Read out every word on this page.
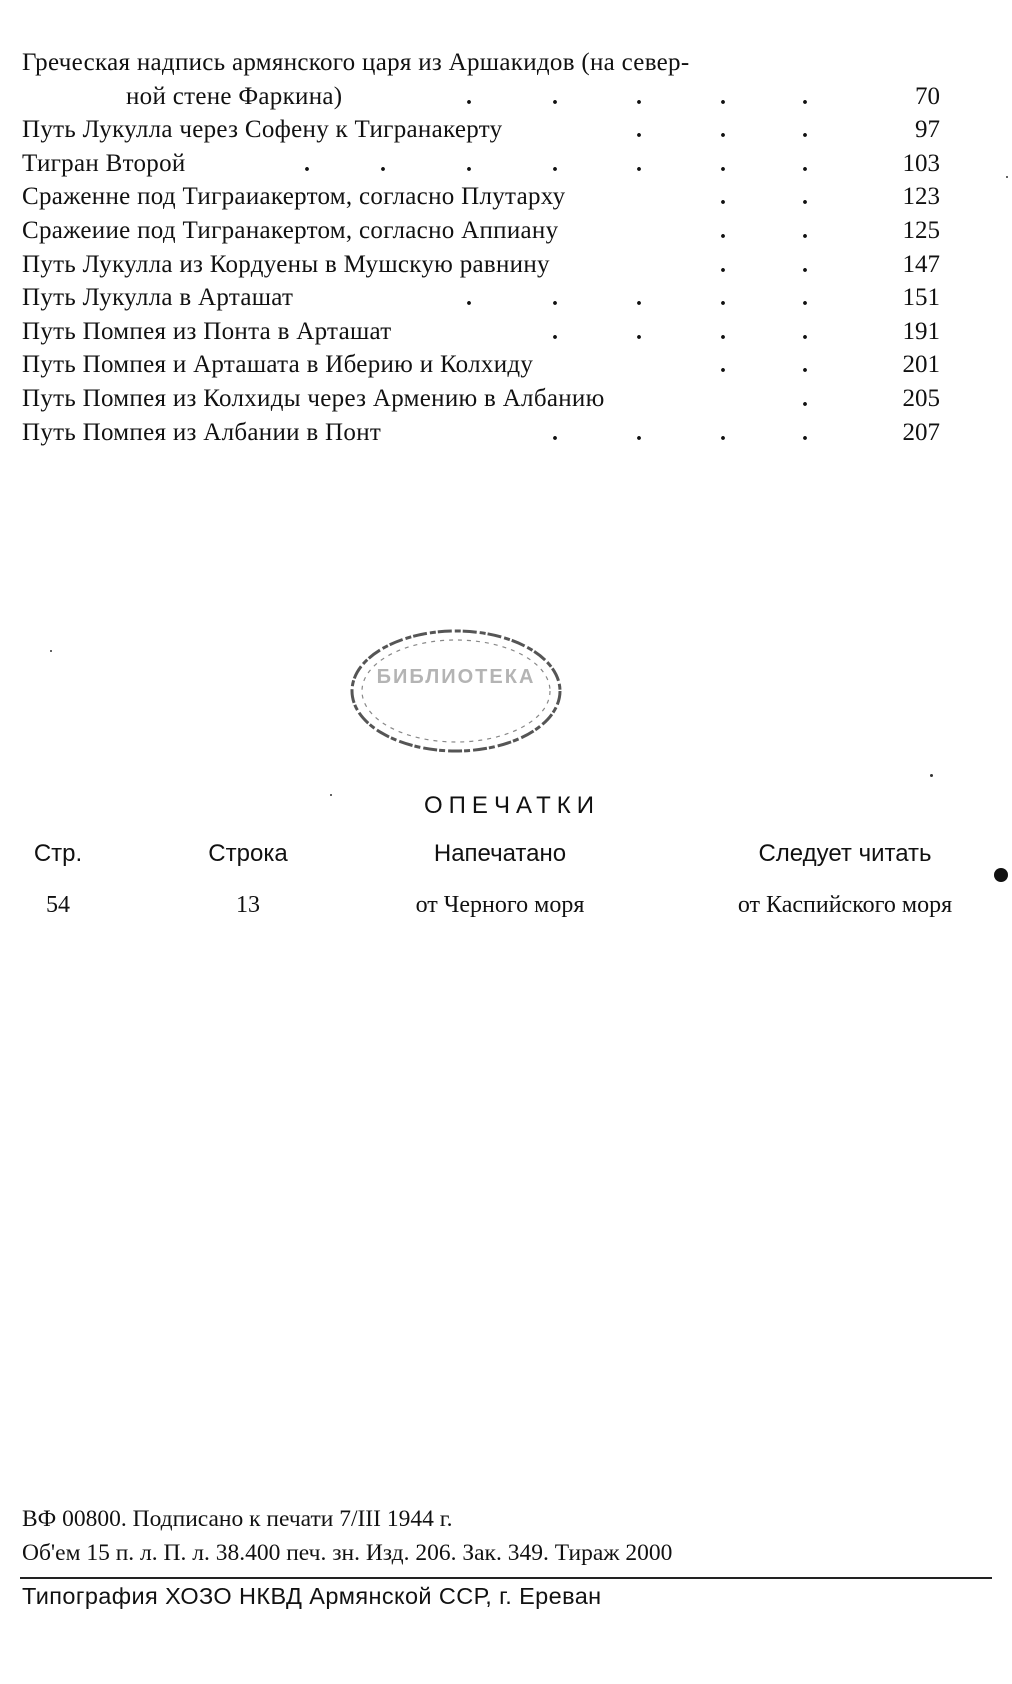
Греческая надпись армянского царя из Аршакидов (на север-
ной стене Фаркина)	70
Путь Лукулла через Софену к Тигранакерту	97
Тигран Второй	103
Сраженне под Тиграиакертом, согласно Плутарху	123
Сражеиие под Тигранакертом, согласно Аппиану	125
Путь Лукулла из Кордуены в Мушскую равнину	147
Путь Лукулла в Арташат	151
Путь Помпея из Понта в Арташат	191
Путь Помпея и Арташата в Иберию и Колхиду	201
Путь Помпея из Колхиды через Армению в Албанию	205
Путь Помпея из Албании в Понт	207
.	.	.	.	.
.	.	.
.	.	.	.	.	.	.
.	.
.	.
.	.
.	.	.	.	.
.	.	.	.
.	.
.
.	.	.	.
БИБЛИОТЕКА
ОПЕЧАТКИ
Стр.	Строка	Напечатано	Следует читать
54	13	от Черного моря	от Каспийского моря
ВФ 00800. Подписано к печати 7/III 1944 г.
Об'ем 15 п. л. П. л. 38.400 печ. зн. Изд. 206. Зак. 349. Тираж 2000
Типография ХОЗО НКВД Армянской ССР, г. Ереван
